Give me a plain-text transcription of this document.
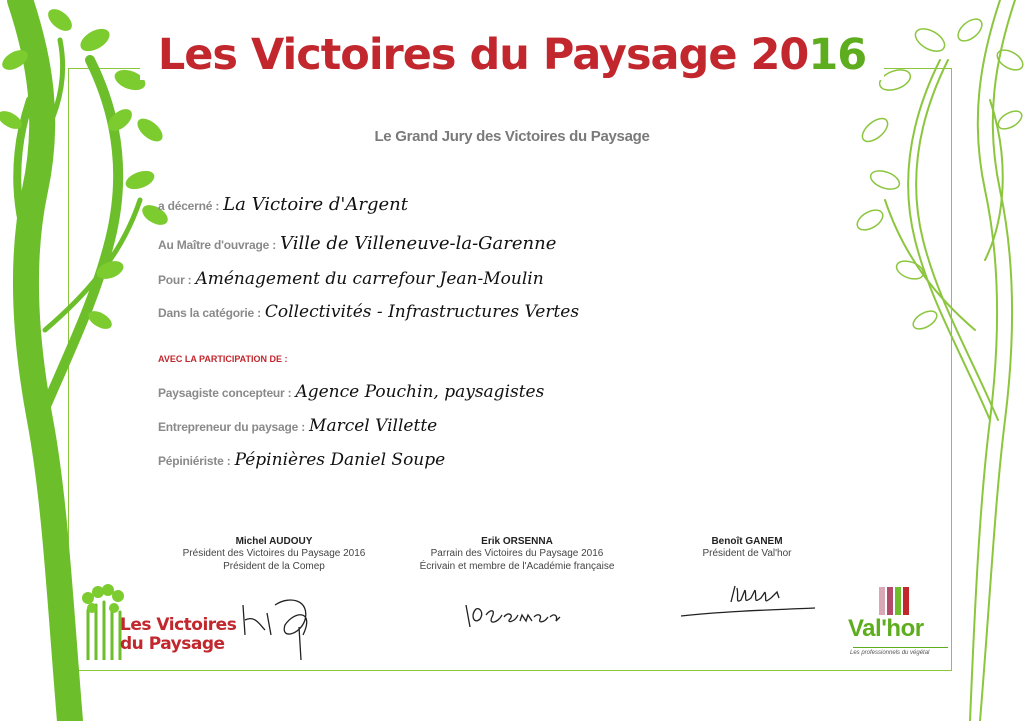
Les Victoires du Paysage 2016
Le Grand Jury des Victoires du Paysage
a décerné : La Victoire d'Argent
Au Maître d'ouvrage : Ville de Villeneuve-la-Garenne
Pour : Aménagement du carrefour Jean-Moulin
Dans la catégorie : Collectivités - Infrastructures Vertes
AVEC LA PARTICIPATION DE :
Paysagiste concepteur : Agence Pouchin, paysagistes
Entrepreneur du paysage : Marcel Villette
Pépiniériste : Pépinières Daniel Soupe
Michel AUDOUY
Président des Victoires du Paysage 2016
Président de la Comep
Erik ORSENNA
Parrain des Victoires du Paysage 2016
Écrivain et membre de l'Académie française
Benoît GANEM
Président de Val'hor
Les Victoires
du Paysage
Val'hor
Les professionnels du végétal
